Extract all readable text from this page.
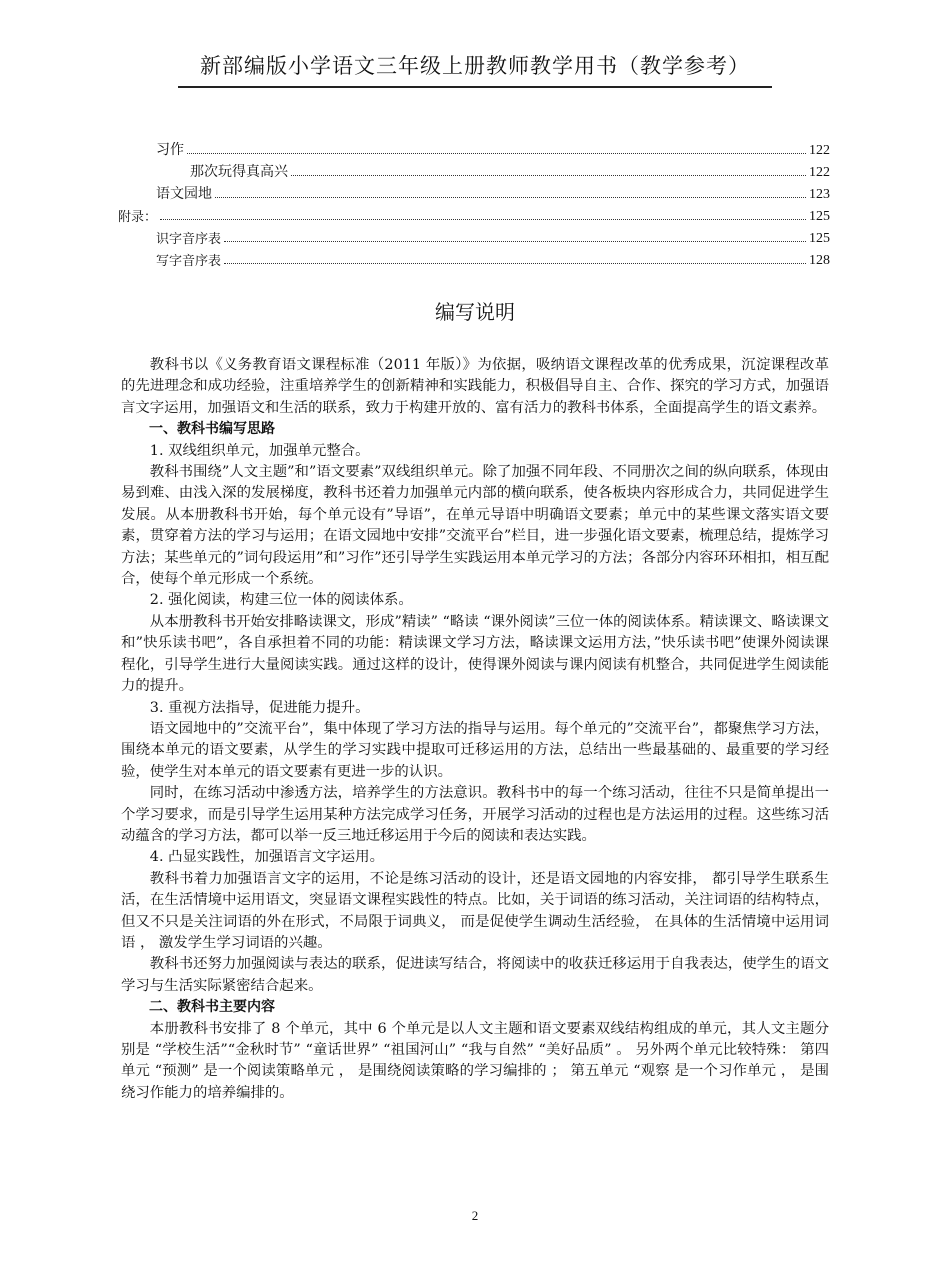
新部编版小学语文三年级上册教师教学用书（教学参考）
习作	122
那次玩得真高兴	122
语文园地	123
附录：	125
识字音序表	125
写字音序表	128
编写说明

教科书以《义务教育语文课程标准（2011 年版）》为依据，吸纳语文课程改革的优秀成果，沉淀课程改革的先进理念和成功经验，注重培养学生的创新精神和实践能力，积极倡导自主、合作、探究的学习方式，加强语言文字运用，加强语文和生活的联系，致力于构建开放的、富有活力的教科书体系，全面提高学生的语文素养。

一、教科书编写思路

1. 双线组织单元，加强单元整合。

教科书围绕”人文主题”和”语文要素”双线组织单元。除了加强不同年段、不同册次之间的纵向联系，体现由易到难、由浅入深的发展梯度，教科书还着力加强单元内部的横向联系，使各板块内容形成合力，共同促进学生发展。从本册教科书开始，每个单元设有”导语”，在单元导语中明确语文要素；单元中的某些课文落实语文要素，贯穿着方法的学习与运用；在语文园地中安排”交流平台”栏目，进一步强化语文要素，梳理总结，提炼学习方法；某些单元的”词句段运用”和”习作”还引导学生实践运用本单元学习的方法；各部分内容环环相扣，相互配合，使每个单元形成一个系统。

2. 强化阅读，构建三位一体的阅读体系。

从本册教科书开始安排略读课文，形成”精读” “略读 “课外阅读”三位一体的阅读体系。精读课文、略读课文和”快乐读书吧”，各自承担着不同的功能：精读课文学习方法，略读课文运用方法，”快乐读书吧”使课外阅读课程化，引导学生进行大量阅读实践。通过这样的设计，使得课外阅读与课内阅读有机整合，共同促进学生阅读能力的提升。

3. 重视方法指导，促进能力提升。

语文园地中的”交流平台”，集中体现了学习方法的指导与运用。每个单元的”交流平台”，都聚焦学习方法，围绕本单元的语文要素，从学生的学习实践中提取可迁移运用的方法，总结出一些最基础的、最重要的学习经验，使学生对本单元的语文要素有更进一步的认识。

同时，在练习活动中渗透方法，培养学生的方法意识。教科书中的每一个练习活动，往往不只是简单提出一个学习要求，而是引导学生运用某种方法完成学习任务，开展学习活动的过程也是方法运用的过程。这些练习活动蕴含的学习方法，都可以举一反三地迁移运用于今后的阅读和表达实践。

4. 凸显实践性，加强语言文字运用。

教科书着力加强语言文字的运用，不论是练习活动的设计，还是语文园地的内容安排， 都引导学生联系生活，在生活情境中运用语文，突显语文课程实践性的特点。比如，关于词语的练习活动，关注词语的结构特点，但又不只是关注词语的外在形式，不局限于词典义， 而是促使学生调动生活经验， 在具体的生活情境中运用词语 ， 激发学生学习词语的兴趣。

教科书还努力加强阅读与表达的联系，促进读写结合，将阅读中的收获迁移运用于自我表达，使学生的语文学习与生活实际紧密结合起来。

二、教科书主要内容

本册教科书安排了 8 个单元，其中 6 个单元是以人文主题和语文要素双线结构组成的单元，其人文主题分别是 “学校生活”“金秋时节” “童话世界” “祖国河山” “我与自然” “美好品质” 。 另外两个单元比较特殊： 第四单元 “预测” 是一个阅读策略单元 ， 是围绕阅读策略的学习编排的 ； 第五单元 “观察 是一个习作单元 ， 是围绕习作能力的培养编排的。

2
